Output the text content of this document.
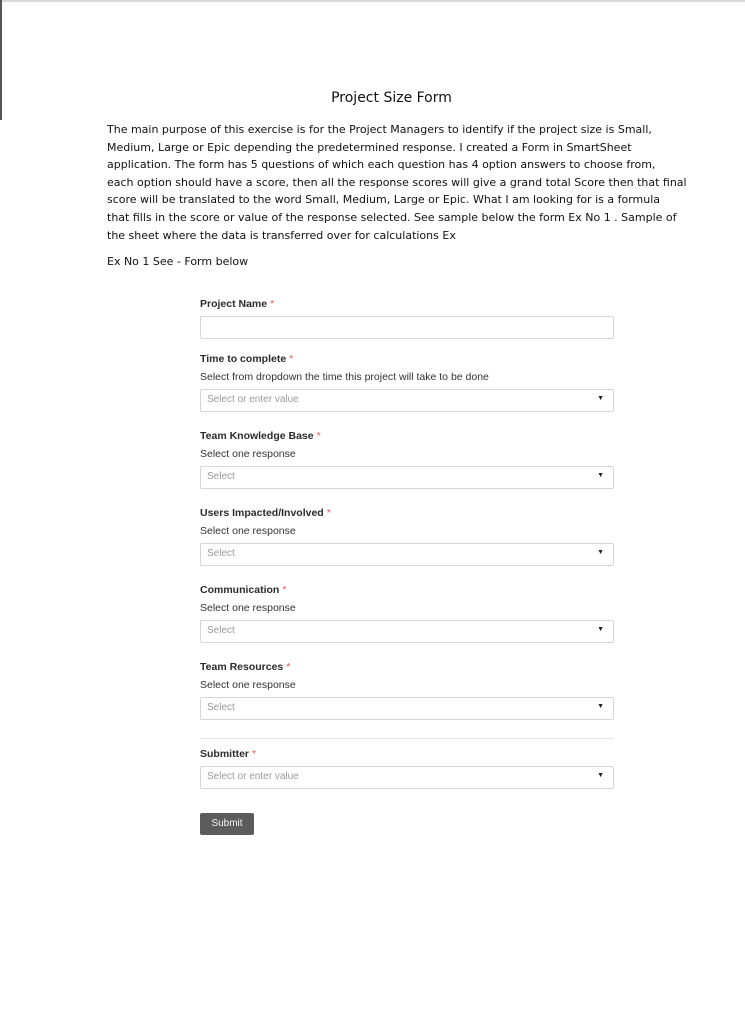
Project Size Form
The main purpose of this exercise is for the Project Managers to identify if the project size is Small,
Medium, Large or Epic depending the predetermined response. I created a Form in SmartSheet
application. The form has 5 questions of which each question has 4 option answers to choose from,
each option should have a score, then all the response scores will give a grand total Score then that final
score will be translated to the word Small, Medium, Large or Epic. What I am looking for is a formula
that fills in the score or value of the response selected. See sample below the form Ex No 1 . Sample of
the sheet where the data is transferred over for calculations Ex
Ex No 1 See - Form below
Project Name *
Time to complete *
Select from dropdown the time this project will take to be done
Select or enter value	▼
Team Knowledge Base *
Select one response
Select	▼
Users Impacted/Involved *
Select one response
Select	▼
Communication *
Select one response
Select	▼
Team Resources *
Select one response
Select	▼
Submitter *
Select or enter value	▼
Submit
